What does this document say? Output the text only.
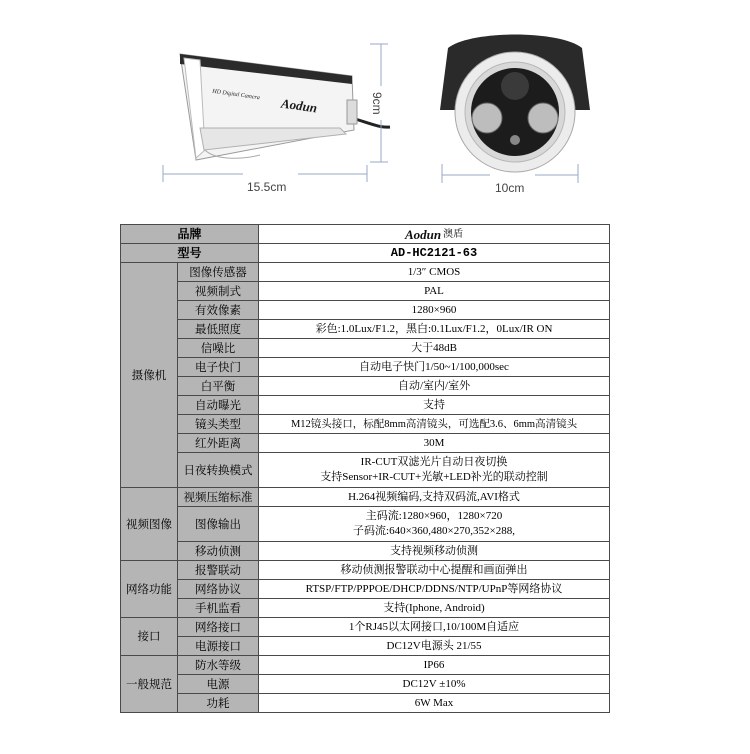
HD Digital Camera
Aodun
15.5cm
9cm
10cm
品牌		Aodun 澳盾

型号		AD-HC2121-63
摄像机	图像传感器	1/3″ CMOS
	视频制式	PAL
	有效像素	1280×960
	最低照度	彩色:1.0Lux/F1.2，黑白:0.1Lux/F1.2，0Lux/IR ON
	信噪比	大于48dB
	电子快门	自动电子快门1/50~1/100,000sec
	白平衡	自动/室内/室外
	自动曝光	支持
	镜头类型	M12镜头接口，标配8mm高清镜头，可选配3.6、6mm高清镜头
	红外距离	30M
	日夜转换模式	IR-CUT双滤光片自动日夜切换
支持Sensor+IR-CUT+光敏+LED补光的联动控制

视频图像	视频压缩标准	H.264视频编码,支持双码流,AVI格式
	图像输出	主码流:1280×960，1280×720
子码流:640×360,480×270,352×288,

	移动侦测	支持视频移动侦测
网络功能	报警联动	移动侦测报警联动中心提醒和画面弹出
	网络协议	RTSP/FTP/PPPOE/DHCP/DDNS/NTP/UPnP等网络协议
	手机监看	支持(Iphone, Android)
接口	网络接口	1个RJ45以太网接口,10/100M自适应
	电源接口	DC12V电源头 21/55
一般规范	防水等级	IP66
	电源	DC12V ±10%
	功耗	6W Max
